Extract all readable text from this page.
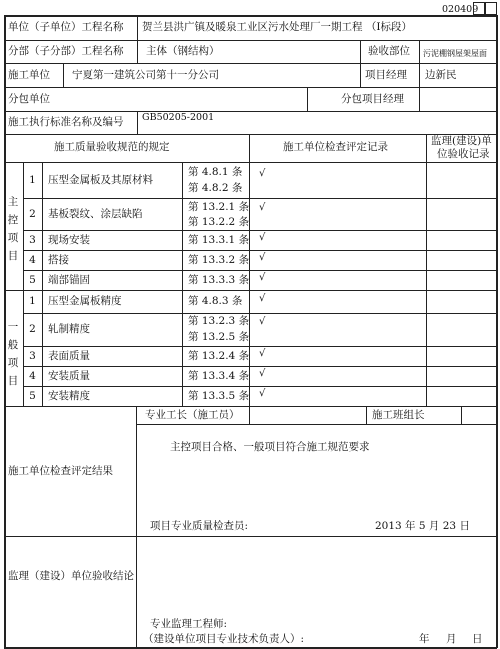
020409
单位（子单位）工程名称 贺兰县洪广镇及暖泉工业区污水处理厂一期工程 （Ⅰ标段）
分部（子分部）工程名称 主体（钢结构）	验收部位 污泥棚钢屋架屋面
施工单位 宁夏第一建筑公司第十一分公司	项目经理 边新民
分包单位	分包项目经理
施工执行标准名称及编号 GB50205-2001
施工质量验收规范的规定	施工单位检查评定记录	监理(建设)单
位验收记录
主
控
项
目
一
般
项
目
1	压型金属板及其原材料
第 4.8.1 条
第 4.8.2 条
√
2	基板裂纹、涂层缺陷
第 13.2.1 条
第 13.2.2 条
√
3	现场安装	第 13.3.1 条 √
4	搭接	第 13.3.2 条 √
5	端部锚固	第 13.3.3 条 √
1	压型金属板精度	第 4.8.3 条 √
2	轧制精度
第 13.2.3 条
第 13.2.5 条
√
3	表面质量	第 13.2.4 条 √
4	安装质量	第 13.3.4 条 √
5	安装精度	第 13.3.5 条 √
专业工长（施工员）	施工班组长
施工单位检查评定结果
主控项目合格、一般项目符合施工规范要求
项目专业质量检查员:	2013 年 5 月 23 日
监理（建设）单位验收结论
专业监理工程师:
（建设单位项目专业技术负责人）:	年 月 日
